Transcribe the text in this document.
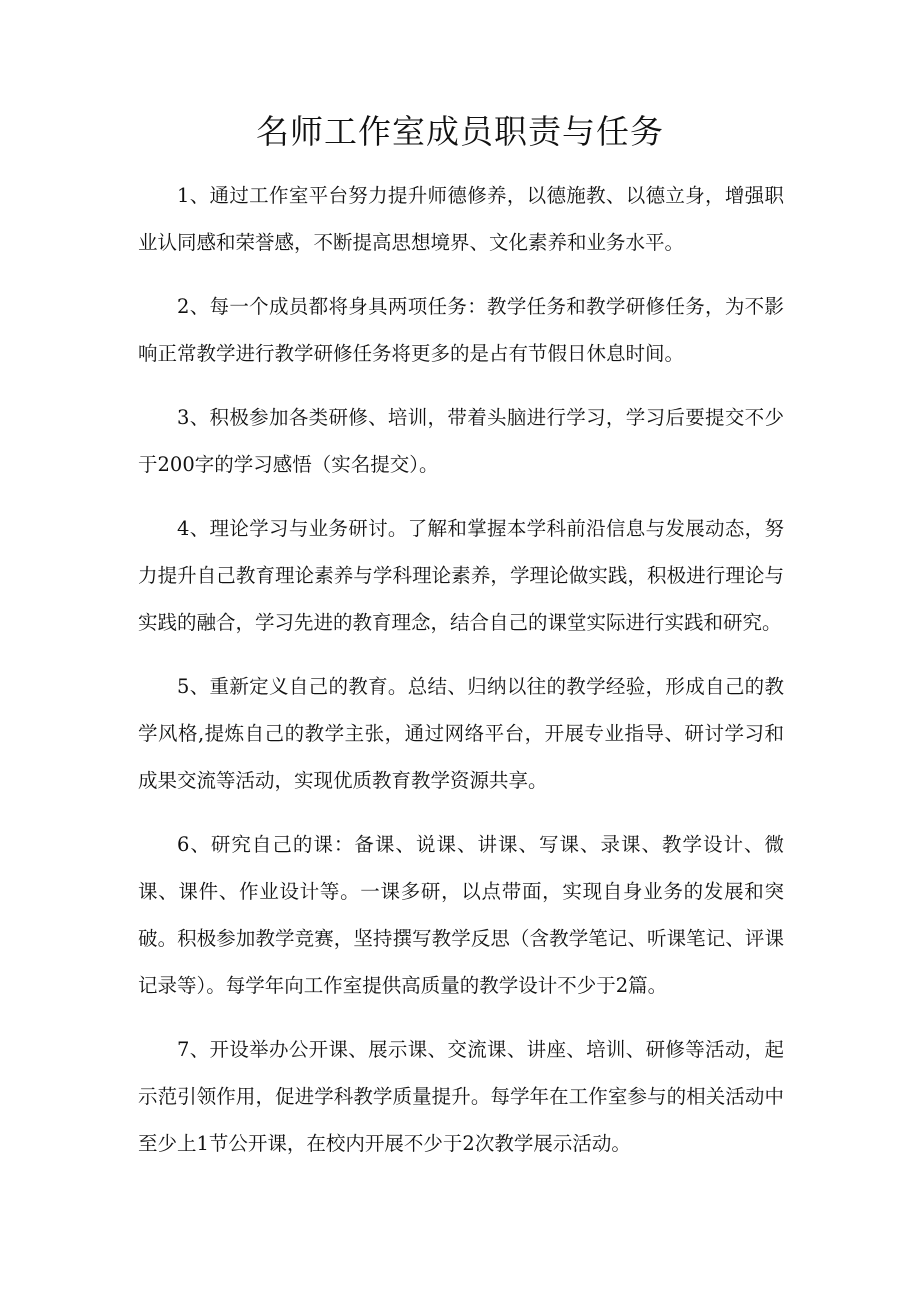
名师工作室成员职责与任务

1、通过工作室平台努力提升师德修养，以德施教、以德立身，增强职业认同感和荣誉感，不断提高思想境界、文化素养和业务水平。

2、每一个成员都将身具两项任务：教学任务和教学研修任务，为不影响正常教学进行教学研修任务将更多的是占有节假日休息时间。

3、积极参加各类研修、培训，带着头脑进行学习，学习后要提交不少于200字的学习感悟（实名提交）。

4、理论学习与业务研讨。了解和掌握本学科前沿信息与发展动态，努力提升自己教育理论素养与学科理论素养，学理论做实践，积极进行理论与实践的融合，学习先进的教育理念，结合自己的课堂实际进行实践和研究。

5、重新定义自己的教育。总结、归纳以往的教学经验，形成自己的教学风格,提炼自己的教学主张，通过网络平台，开展专业指导、研讨学习和成果交流等活动，实现优质教育教学资源共享。

6、研究自己的课：备课、说课、讲课、写课、录课、教学设计、微课、课件、作业设计等。一课多研，以点带面，实现自身业务的发展和突破。积极参加教学竞赛，坚持撰写教学反思（含教学笔记、听课笔记、评课记录等）。每学年向工作室提供高质量的教学设计不少于2篇。

7、开设举办公开课、展示课、交流课、讲座、培训、研修等活动，起示范引领作用，促进学科教学质量提升。每学年在工作室参与的相关活动中至少上1节公开课，在校内开展不少于2次教学展示活动。
